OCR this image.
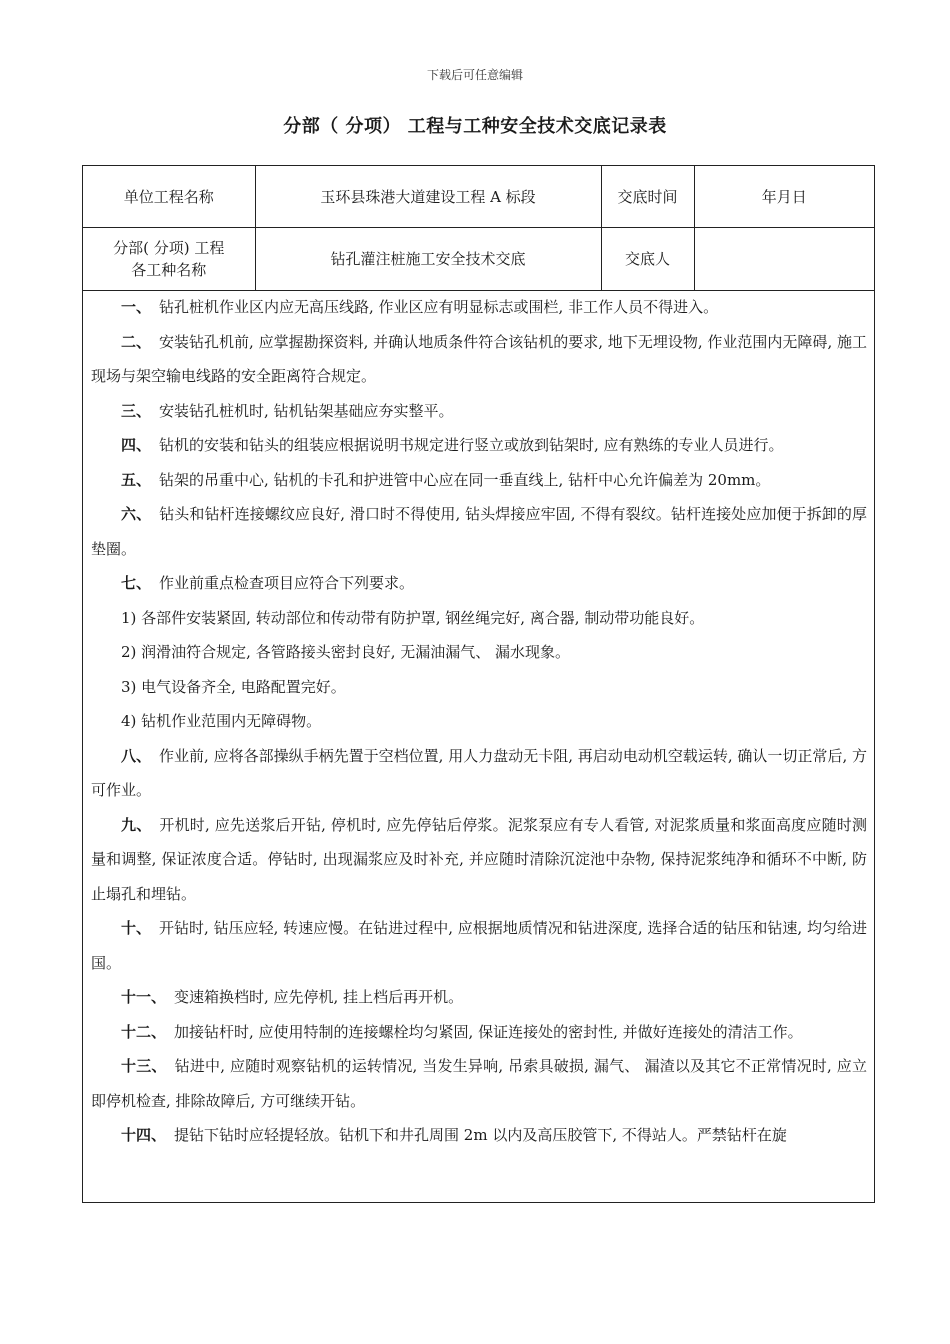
下载后可任意编辑
分部（ 分项） 工程与工种安全技术交底记录表
单位工程名称	玉环县珠港大道建设工程 A 标段	交底时间	年月日

分部( 分项) 工程
各工种名称	钻孔灌注桩施工安全技术交底	交底人	

一、 钻孔桩机作业区内应无高压线路, 作业区应有明显标志或围栏, 非工作人员不得进入。

二、 安装钻孔机前, 应掌握勘探资料, 并确认地质条件符合该钻机的要求, 地下无埋设物, 作业范围内无障碍, 施工现场与架空输电线路的安全距离符合规定。

三、 安装钻孔桩机时, 钻机钻架基础应夯实整平。

四、 钻机的安装和钻头的组装应根据说明书规定进行竖立或放到钻架时, 应有熟练的专业人员进行。

五、 钻架的吊重中心, 钻机的卡孔和护进管中心应在同一垂直线上, 钻杆中心允许偏差为 20mm。

六、 钻头和钻杆连接螺纹应良好, 滑口时不得使用, 钻头焊接应牢固, 不得有裂纹。钻杆连接处应加便于拆卸的厚垫圈。

七、 作业前重点检查项目应符合下列要求。

1) 各部件安装紧固, 转动部位和传动带有防护罩, 钢丝绳完好, 离合器, 制动带功能良好。

2) 润滑油符合规定, 各管路接头密封良好, 无漏油漏气、 漏水现象。

3) 电气设备齐全, 电路配置完好。

4) 钻机作业范围内无障碍物。

八、 作业前, 应将各部操纵手柄先置于空档位置, 用人力盘动无卡阻, 再启动电动机空载运转, 确认一切正常后, 方可作业。

九、 开机时, 应先送浆后开钻, 停机时, 应先停钻后停浆。泥浆泵应有专人看管, 对泥浆质量和浆面高度应随时测量和调整, 保证浓度合适。停钻时, 出现漏浆应及时补充, 并应随时清除沉淀池中杂物, 保持泥浆纯净和循环不中断, 防止塌孔和埋钻。

十、 开钻时, 钻压应轻, 转速应慢。在钻进过程中, 应根据地质情况和钻进深度, 选择合适的钻压和钻速, 均匀给进国。

十一、 变速箱换档时, 应先停机, 挂上档后再开机。

十二、 加接钻杆时, 应使用特制的连接螺栓均匀紧固, 保证连接处的密封性, 并做好连接处的清洁工作。

十三、 钻进中, 应随时观察钻机的运转情况, 当发生异响, 吊索具破损, 漏气、 漏渣以及其它不正常情况时, 应立即停机检查, 排除故障后, 方可继续开钻。

十四、 提钻下钻时应轻提轻放。钻机下和井孔周围 2m 以内及高压胶管下, 不得站人。严禁钻杆在旋
